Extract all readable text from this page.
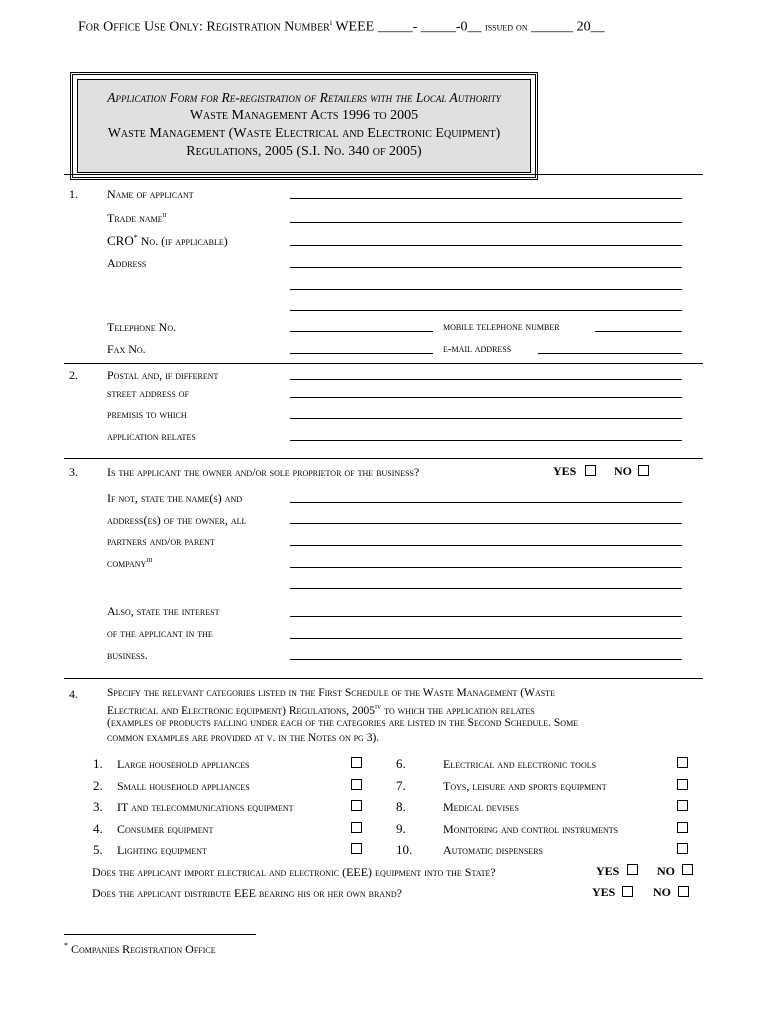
For Office Use Only: Registration Number$^i$ WEEE _____- _____-0__ issued on ______ 20__
Application Form for Re-registration of Retailers with the Local Authority
Waste Management Acts 1996 to 2005
Waste Management (Waste Electrical and Electronic Equipment)
Regulations, 2005 (S.I. No. 340 of 2005)
1. Name of applicant
Trade name$^{ii}$
CRO* No. (if applicable)
Address
Telephone No.	mobile telephone number
Fax No.	e-mail address
2. Postal and, if different
street address of
premisis to which
application relates
3. Is the applicant the owner and/or sole proprietor of the business?	YES	NO
If not, state the name(s) and
address(es) of the owner, all
partners and/or parent
company$^{iii}$
Also, state the interest
of the applicant in the
business.
4.	Specify the relevant categories listed in the First Schedule of the Waste Management (Waste
Electrical and Electronic equipment) Regulations, 2005$^{iv}$ to which the application relates
(examples of products falling under each of the categories are listed in the Second Schedule. Some
common examples are provided at v. in the Notes on pg 3).
1. Large household appliances
2. Small household appliances
3. IT and telecommunications equipment
4. Consumer equipment
5. Lighting equipment
6.	Electrical and electronic tools
7.	Toys, leisure and sports equipment
8.	Medical devises
9.	Monitoring and control instruments
10.	Automatic dispensers
Does the applicant import electrical and electronic (EEE) equipment into the State?	YES	NO
Does the applicant distribute EEE bearing his or her own brand?	YES	NO
* Companies Registration Office
